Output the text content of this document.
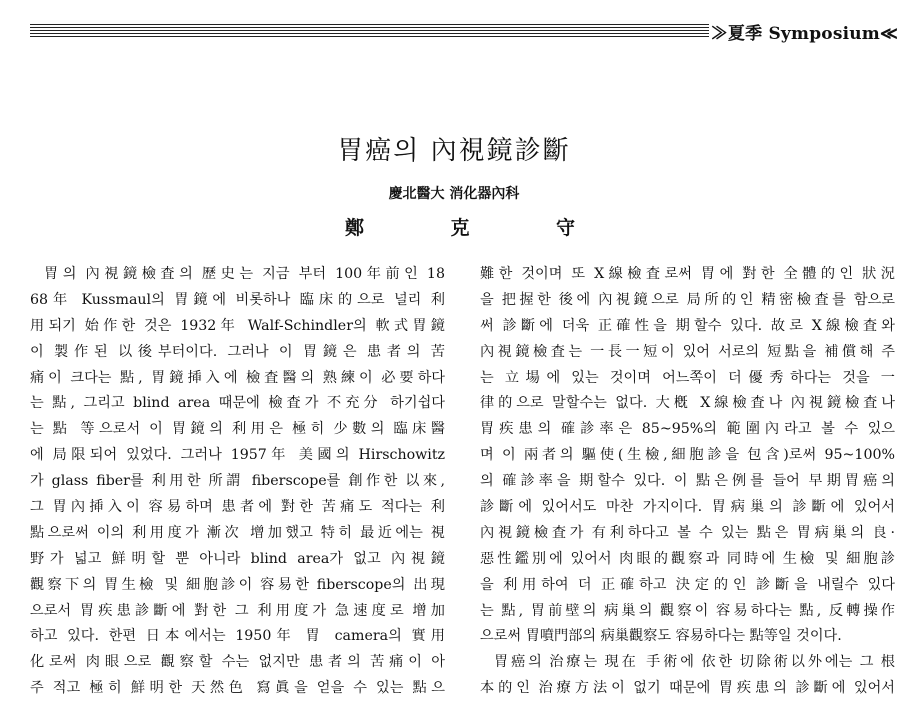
≫夏季 Symposium≪
胃癌의 內視鏡診斷
慶北醫大 消化器內科
鄭	克	守
胃의 內視鏡檢査의 歷史는 지금 부터 100年前인 18
68年 Kussmaul의 胃鏡에 비롯하나 臨床的으로 널리 利
用되기 始作한 것은 1932年 Walf-Schindler의 軟式胃鏡
이 製作된 以後부터이다. 그러나 이 胃鏡은 患者의 苦
痛이 크다는 點, 胃鏡揷入에 檢査醫의 熟練이 必要하다
는 點, 그리고 blind area 때문에 檢査가 不充分 하기쉽다
는 點 等으로서 이 胃鏡의 利用은 極히 少數의 臨床醫
에 局限되어 있었다. 그러나 1957年 美國의 Hirschowitz
가 glass fiber를 利用한 所謂 fiberscope를 創作한 以來,
그 胃內揷入이 容易하며 患者에 對한 苦痛도 적다는 利
點으로써 이의 利用度가 漸次 增加했고 特히 最近에는 視
野가 넓고 鮮明할 뿐 아니라 blind area가 없고 內視鏡
觀察下의 胃生檢 및 細胞診이 容易한 fiberscope의 出現
으로서 胃疾患診斷에 對한 그 利用度가 急速度로 增加
하고 있다. 한편 日本에서는 1950年 胃 camera의 實用
化로써 肉眼으로 觀察할 수는 없지만 患者의 苦痛이 아
주 적고 極히 鮮明한 天然色 寫眞을 얻을 수 있는 點으
難한 것이며 또 X線檢査로써 胃에 對한 全體的인 狀況
을 把握한 後에 內視鏡으로 局所的인 精密檢査를 함으로
써 診斷에 더욱 正確性을 期할수 있다. 故로 X線檢査와
內視鏡檢査는 一長一短이 있어 서로의 短點을 補償해 주
는 立場에 있는 것이며 어느쪽이 더優秀하다는 것을 一
律的으로 말할수는 없다. 大槪 X線檢査나 內視鏡檢査나
胃疾患의 確診率은 85~95%의 範圍內라고 볼 수 있으
며 이 兩者의 驅使(生檢,細胞診을 包含)로써 95~100%
의 確診率을 期할수 있다. 이 點은例를 들어 早期胃癌의
診斷에 있어서도 마찬 가지이다. 胃病巢의 診斷에 있어서
內視鏡檢査가 有利하다고 볼 수 있는 點은 胃病巢의 良·
惡性鑑別에 있어서 肉眼的觀察과 同時에 生檢 및 細胞診
을 利用하여 더 正確하고 決定的인 診斷을 내릴수 있다
는 點, 胃前壁의 病巢의 觀察이 容易하다는 點, 反轉操作
으로써 胃噴門部의 病巢觀察도 容易하다는 點等일 것이다.
胃癌의 治療는 現在 手術에 依한 切除術以外에는 그 根
本的인 治療方法이 없기 때문에 胃疾患의 診斷에 있어서
